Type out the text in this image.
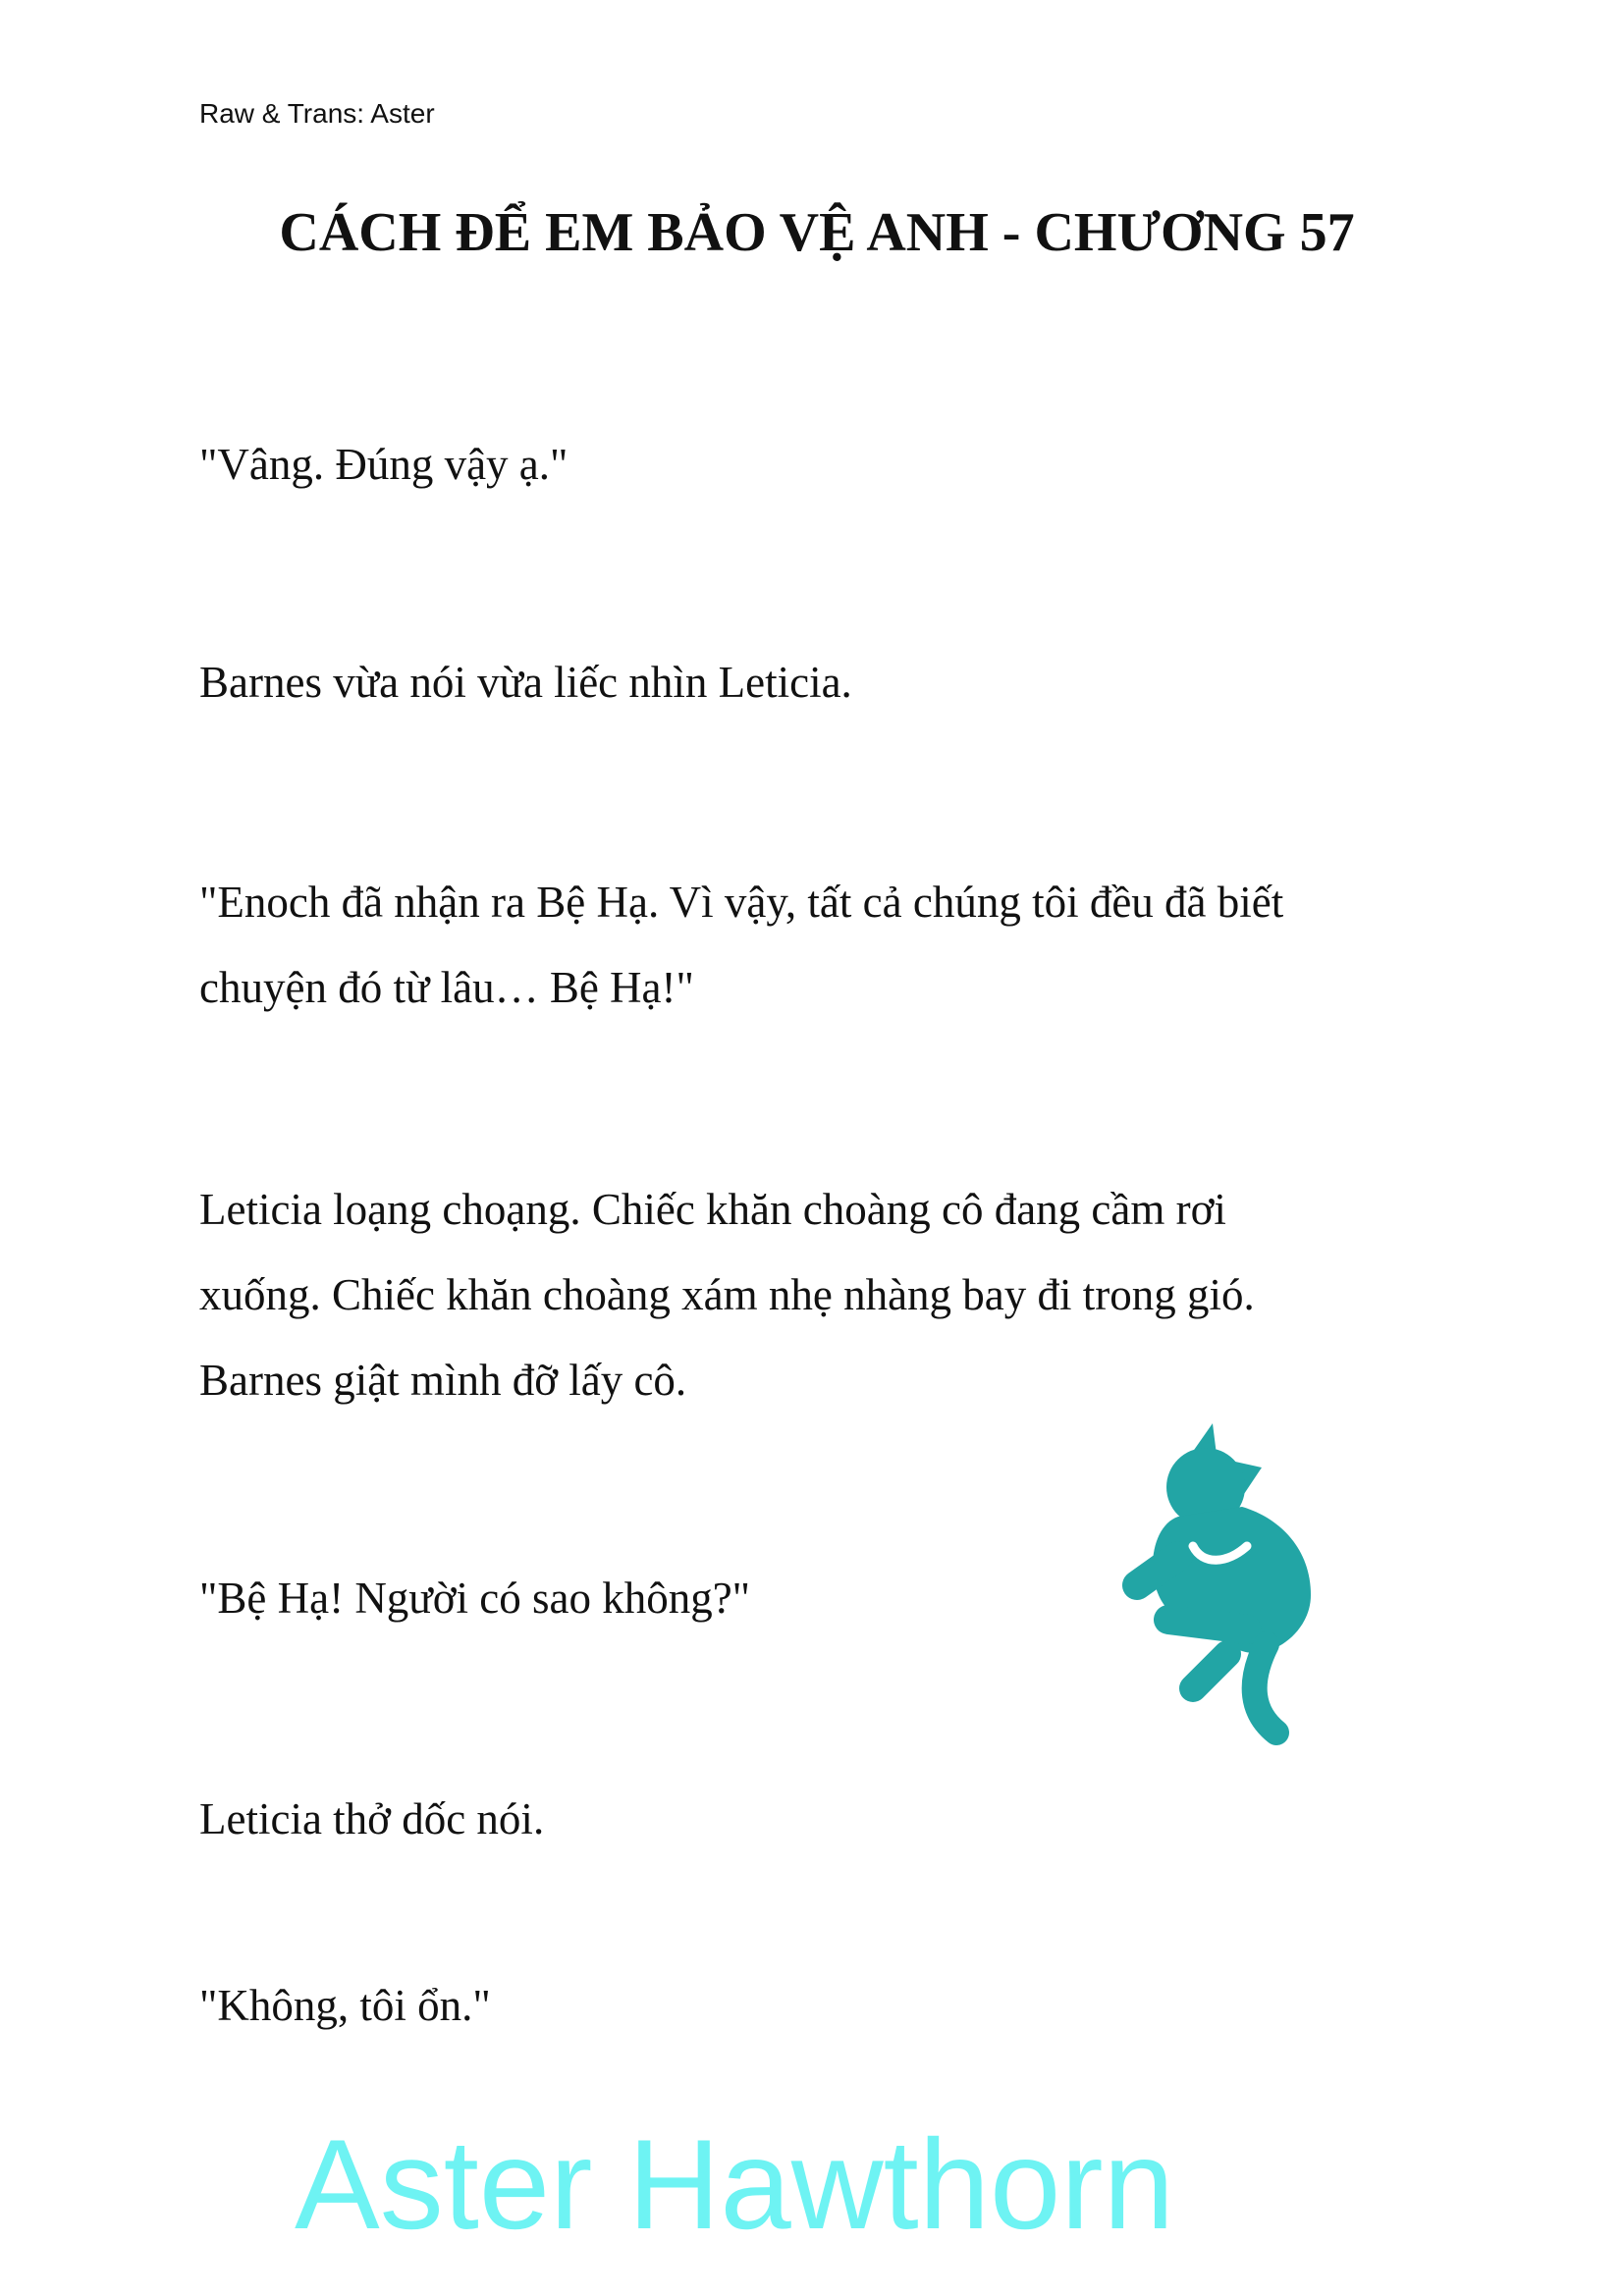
Raw & Trans: Aster
CÁCH ĐỂ EM BẢO VỆ ANH - CHƯƠNG 57
"Vâng. Đúng vậy ạ."
Barnes vừa nói vừa liếc nhìn Leticia.
"Enoch đã nhận ra Bệ Hạ. Vì vậy, tất cả chúng tôi đều đã biết
chuyện đó từ lâu… Bệ Hạ!"
Leticia loạng choạng. Chiếc khăn choàng cô đang cầm rơi
xuống. Chiếc khăn choàng xám nhẹ nhàng bay đi trong gió.
Barnes giật mình đỡ lấy cô.
"Bệ Hạ! Người có sao không?"
Leticia thở dốc nói.
"Không, tôi ổn."
Aster Hawthorn
